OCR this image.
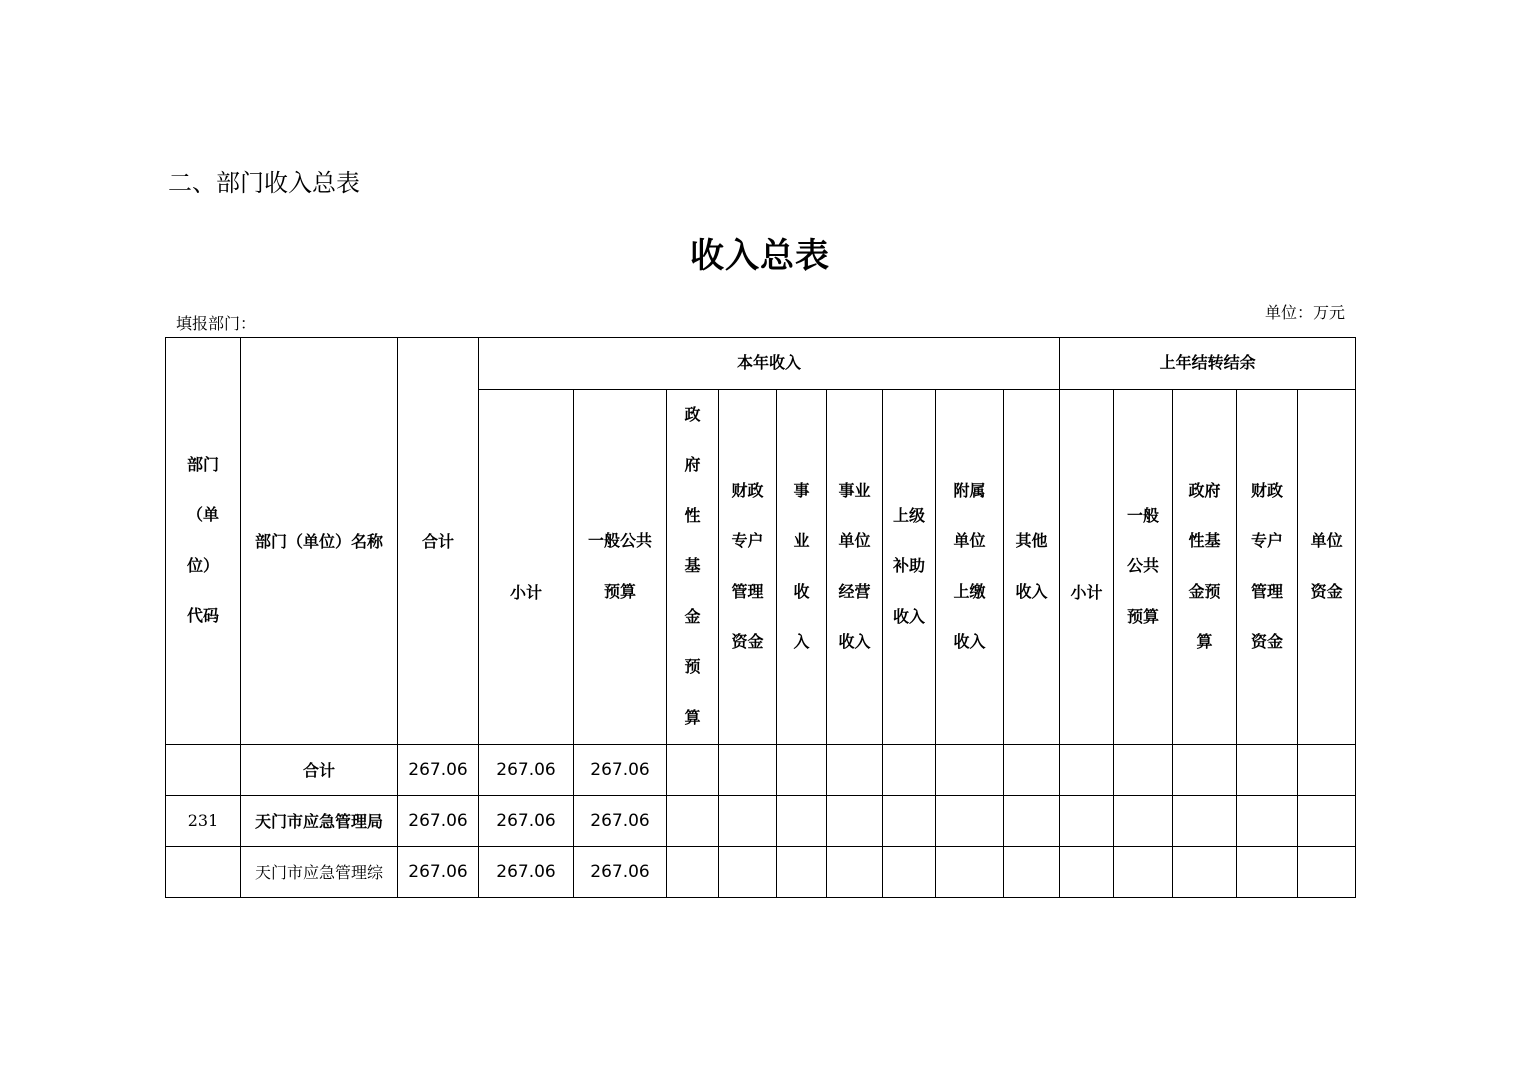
二、部门收入总表
收入总表
单位：万元
填报部门：
部门（单位）代码	部门（单位）名称	合计	本年收入									上年结转结余				
			小计	一般公共预算	政府性基金预算	财政专户管理资金	事业收入	事业单位经营收入	上级补助收入	附属单位上缴收入	其他收入	小计	一般公共预算	政府性基金预算	财政专户管理资金	单位资金
	合计	267.06	267.06	267.06												
231	天门市应急管理局	267.06	267.06	267.06												
	天门市应急管理综	267.06	267.06	267.06												
